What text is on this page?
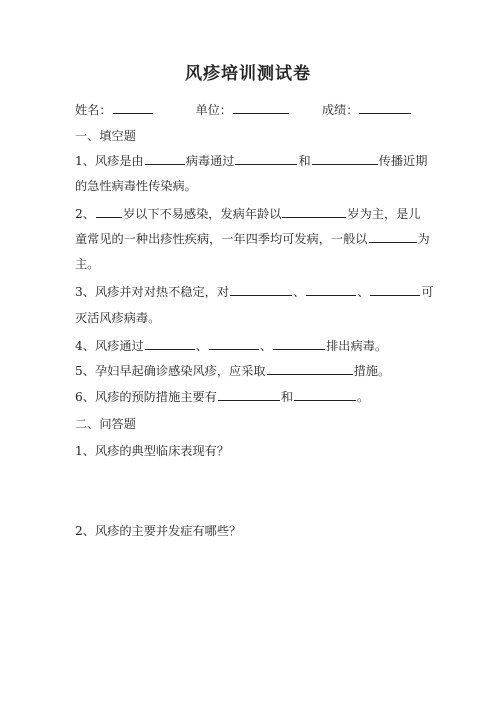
风疹培训测试卷
姓名：	单位：	成绩：
一、填空题
1、风疹是由	病毒通过	和	传播近期
的急性病毒性传染病。
2、 岁以下不易感染，发病年龄以	岁为主，是儿
童常见的一种出疹性疾病，一年四季均可发病，一般以	为
主。
3、风疹并对对热不稳定，对	、	、	可
灭活风疹病毒。
4、风疹通过	、	、	排出病毒。
5、孕妇早起确诊感染风疹，应采取	措施。
6、风疹的预防措施主要有	和	。
二、问答题
1、风疹的典型临床表现有？
2、风疹的主要并发症有哪些？
